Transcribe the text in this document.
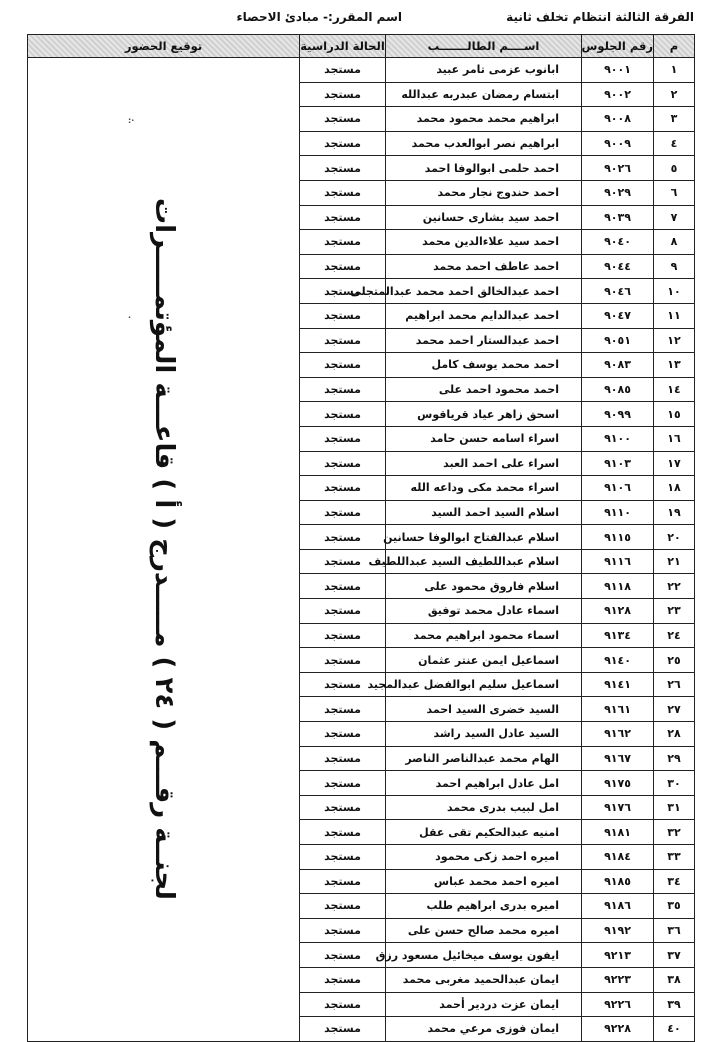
الفرقة الثالثة انتظام تخلف ثانية
اسم المقرر:- مبادئ الاحصاء
م	رقم الجلوس	اســــم الطالـــــــب	الحالة الدراسية	توقيع الحضور
١	٩٠٠١	ابانوب عزمى تامر عبيد	مستجد	لجنــة رقـــم ( ٢٤ ) مـــــدرج ( أ ) قاعـــة المؤتمـــــرات
·:
·

٢	٩٠٠٢	ابتسام رمضان عبدربه عبدالله	مستجد	
٣	٩٠٠٨	ابراهيم محمد محمود محمد	مستجد	
٤	٩٠٠٩	ابراهيم نصر ابوالعدب محمد	مستجد	
٥	٩٠٢٦	احمد حلمى ابوالوفا احمد	مستجد	
٦	٩٠٢٩	احمد حندوج نجار محمد	مستجد	
٧	٩٠٣٩	احمد سيد بشارى حسانين	مستجد	
٨	٩٠٤٠	احمد سيد علاءالدين محمد	مستجد	
٩	٩٠٤٤	احمد عاطف احمد محمد	مستجد	
١٠	٩٠٤٦	احمد عبدالخالق احمد محمد عبدالمتجلى	مستجد	
١١	٩٠٤٧	احمد عبدالدايم محمد ابراهيم	مستجد	
١٢	٩٠٥١	احمد عبدالستار احمد محمد	مستجد	
١٣	٩٠٨٣	احمد محمد يوسف كامل	مستجد	
١٤	٩٠٨٥	احمد محمود احمد على	مستجد	
١٥	٩٠٩٩	اسحق زاهر عياد قرياقوس	مستجد	
١٦	٩١٠٠	اسراء اسامه حسن حامد	مستجد	
١٧	٩١٠٣	اسراء على احمد العبد	مستجد	
١٨	٩١٠٦	اسراء محمد مكى وداعه الله	مستجد	
١٩	٩١١٠	اسلام السيد احمد السيد	مستجد	
٢٠	٩١١٥	اسلام عبدالفتاح ابوالوفا حسانين	مستجد	
٢١	٩١١٦	اسلام عبداللطيف السيد عبداللطيف	مستجد	
٢٢	٩١١٨	اسلام فاروق محمود على	مستجد	
٢٣	٩١٢٨	اسماء عادل محمد توفيق	مستجد	
٢٤	٩١٣٤	اسماء محمود ابراهيم محمد	مستجد	
٢٥	٩١٤٠	اسماعيل ايمن عنتر عثمان	مستجد	
٢٦	٩١٤١	اسماعيل سليم ابوالفضل عبدالمجيد	مستجد	
٢٧	٩١٦١	السيد خضرى السيد احمد	مستجد	
٢٨	٩١٦٢	السيد عادل السيد راشد	مستجد	
٢٩	٩١٦٧	الهام محمد عبدالناصر الناصر	مستجد	
٣٠	٩١٧٥	امل عادل ابراهيم احمد	مستجد	
٣١	٩١٧٦	امل لبيب بدرى محمد	مستجد	
٣٢	٩١٨١	امنيه عبدالحكيم تقى عقل	مستجد	
٣٣	٩١٨٤	اميره احمد زكى محمود	مستجد	
٣٤	٩١٨٥	اميره احمد محمد عباس	مستجد	
٣٥	٩١٨٦	اميره بدرى ابراهيم طلب	مستجد	
٣٦	٩١٩٢	اميره محمد صالح حسن على	مستجد	
٣٧	٩٢١٣	ايفون يوسف ميخائيل مسعود رزق	مستجد	
٣٨	٩٢٢٣	ايمان عبدالحميد مغربى محمد	مستجد	
٣٩	٩٢٢٦	ايمان عزت دردير أحمد	مستجد	
٤٠	٩٢٢٨	ايمان فوزى مرعي محمد	مستجد	
